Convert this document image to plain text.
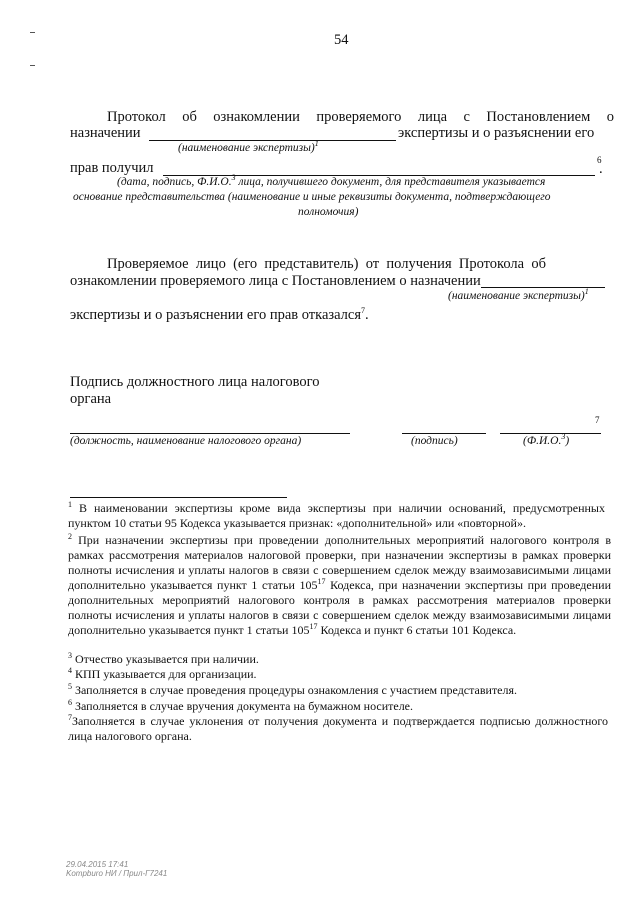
54
Протокол об ознакомлении проверяемого лица с Постановлением о
назначении	экспертизы и о разъяснении его
(наименование экспертизы)$^1$
прав получил	6
.
(дата, подпись, Ф.И.О.$^3$ лица, получившего документ, для представителя указывается
основание представительства (наименование и иные реквизиты документа, подтверждающего
полномочия)
Проверяемое  лицо  (его  представитель)  от  получения  Протокола  об
ознакомлении проверяемого лица с Постановлением о назначении
(наименование экспертизы)$^1$
экспертизы и о разъяснении его прав отказался$^7$.
Подпись должностного лица налогового
органа
7
(должность, наименование налогового органа)	(подпись)	(Ф.И.О.$^3$)
$^1$ В наименовании экспертизы кроме вида экспертизы при наличии оснований, предусмотренных пунктом 10 статьи 95 Кодекса указывается признак: «дополнительной» или «повторной».
$^2$ При назначении экспертизы при проведении дополнительных мероприятий налогового контроля в рамках рассмотрения материалов налоговой проверки, при назначении экспертизы в рамках проверки полноты исчисления и уплаты налогов в связи с совершением сделок между взаимозависимыми лицами дополнительно указывается пункт 1 статьи $105^{17}$ Кодекса, при назначении экспертизы при проведении дополнительных мероприятий налогового контроля в рамках рассмотрения материалов проверки полноты исчисления и уплаты налогов в связи с совершением сделок между взаимозависимыми лицами дополнительно указывается пункт 1 статьи $105^{17}$ Кодекса и пункт 6 статьи 101 Кодекса.
$^3$ Отчество указывается при наличии.
$^4$ КПП указывается для организации.
$^5$ Заполняется в случае проведения процедуры ознакомления с участием представителя.
$^6$ Заполняется в случае вручения документа на бумажном носителе.
$^7$Заполняется в случае уклонения от получения документа и подтверждается подписью должностного лица налогового органа.
29.04.2015 17:41
Kompburo НИ / Прил-Г7241
